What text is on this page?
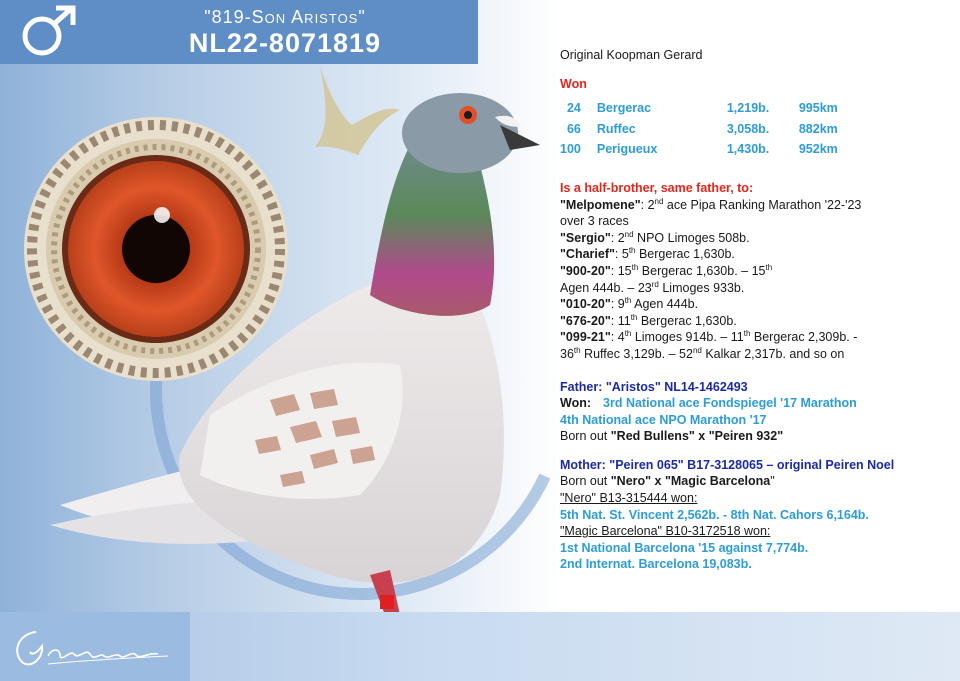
"819-Son Aristos"
NL22-8071819	Original Koopman Gerard
Won
24	Bergerac	1,219b.	995km
66	Ruffec	3,058b.	882km
100	Perigueux	1,430b.	952km
Is a half-brother, same father, to:
"Melpomene": 2nd ace Pipa Ranking Marathon '22-'23
over 3 races
"Sergio": 2nd NPO Limoges 508b.
"Charief": 5th Bergerac 1,630b.
"900-20": 15th Bergerac 1,630b. – 15th
Agen 444b. – 23rd Limoges 933b.
"010-20": 9th Agen 444b.
"676-20": 11th Bergerac 1,630b.
"099-21": 4th Limoges 914b. – 11th Bergerac 2,309b. -
36th Ruffec 3,129b. – 52nd Kalkar 2,317b. and so on
Father: "Aristos" NL14-1462493
Won: 3rd National ace Fondspiegel '17 Marathon
4th National ace NPO Marathon '17
Born out "Red Bullens" x "Peiren 932"
Mother: "Peiren 065" B17-3128065 – original Peiren Noel
Born out "Nero" x "Magic Barcelona"
"Nero" B13-315444 won:
5th Nat. St. Vincent 2,562b. - 8th Nat. Cahors 6,164b.
"Magic Barcelona" B10-3172518 won:
1st National Barcelona '15 against 7,774b.
2nd Internat. Barcelona 19,083b.
